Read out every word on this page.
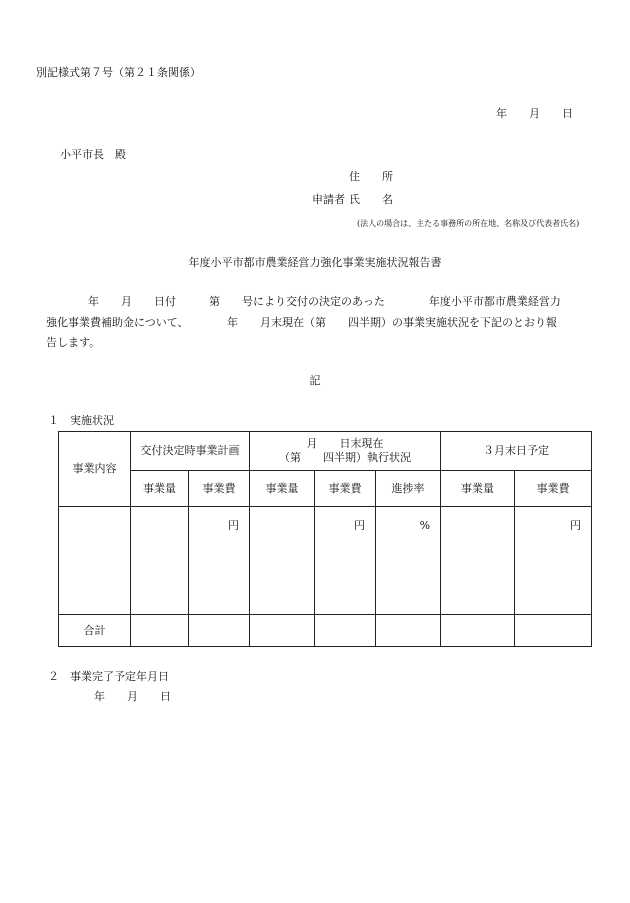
別記様式第７号（第２１条関係）
年　　月　　日
小平市長　殿
住　　所
申請者 氏　　名
(法人の場合は、主たる事務所の所在地、名称及び代表者氏名)
年度小平市都市農業経営力強化事業実施状況報告書
年　　月　　日付　　　第　　号により交付の決定のあった　　　　年度小平市都市農業経営力
強化事業費補助金について、　　　　年　　月末現在（第　　四半期）の事業実施状況を下記のとおり報
告します。
記
１　実施状況
事業内容	交付決定時事業計画		月　　日末現在
（第　　四半期）執行状況			３月末日予定	
	事業量	事業費	事業量	事業費	進捗率	事業量	事業費
		円		円	%		円
合計							
２　事業完了予定年月日
年　　月　　日
